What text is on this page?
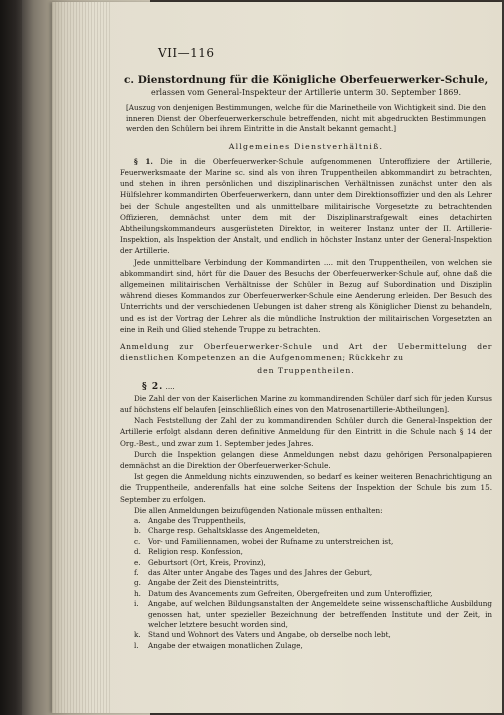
VII—116
c. Dienstordnung für die Königliche Oberfeuerwerker-Schule,
erlassen vom General-Inspekteur der Artillerie unterm 30. September 1869.
[Auszug von denjenigen Bestimmungen, welche für die Marinetheile von Wichtigkeit sind. Die den inneren Dienst der Oberfeuerwerkerschule betreffenden, nicht mit abgedruckten Bestimmungen werden den Schülern bei ihrem Eintritte in die Anstalt bekannt gemacht.]
Allgemeines Dienstverhältniß.

§ 1. Die in die Oberfeuerwerker-Schule aufgenommenen Unteroffiziere der Artillerie, Feuerwerksmaate der Marine sc. sind als von ihren Truppentheilen abkommandirt zu betrachten, und stehen in ihren persönlichen und disziplinarischen Verhältnissen zunächst unter den als Hülfslehrer kommandirten Oberfeuerwerkern, dann unter dem Direktionsoffizier und den als Lehrer bei der Schule angestellten und als unmittelbare militairische Vorgesetzte zu betrachtenden Offizieren, demnächst unter dem mit der Disziplinarstrafgewalt eines detachirten Abtheilungskommandeurs ausgerüsteten Direktor, in weiterer Instanz unter der II. Artillerie-Inspektion, als Inspektion der Anstalt, und endlich in höchster Instanz unter der General-Inspektion der Artillerie.

Jede unmittelbare Verbindung der Kommandirten .... mit den Truppentheilen, von welchen sie abkommandirt sind, hört für die Dauer des Besuchs der Oberfeuerwerker-Schule auf, ohne daß die allgemeinen militairischen Verhältnisse der Schüler in Bezug auf Subordination und Disziplin während dieses Kommandos zur Oberfeuerwerker-Schule eine Aenderung erleiden. Der Besuch des Unterrichts und der verschiedenen Uebungen ist daher streng als Königlicher Dienst zu behandeln, und es ist der Vortrag der Lehrer als die mündliche Instruktion der militairischen Vorgesetzten an eine in Reih und Glied stehende Truppe zu betrachten.

Anmeldung zur Oberfeuerwerker-Schule und Art der Uebermittelung der dienstlichen Kompetenzen an die Aufgenommenen; Rückkehr zu
den Truppentheilen.
§ 2. ....

Die Zahl der von der Kaiserlichen Marine zu kommandirenden Schüler darf sich für jeden Kursus auf höchstens elf belaufen [einschließlich eines von den Matrosenartillerie-Abtheilungen].

Nach Feststellung der Zahl der zu kommandirenden Schüler durch die General-Inspektion der Artillerie erfolgt alsdann deren definitive Anmeldung für den Eintritt in die Schule nach § 14 der Org.-Best., und zwar zum 1. September jedes Jahres.

Durch die Inspektion gelangen diese Anmeldungen nebst dazu gehörigen Personalpapieren demnächst an die Direktion der Oberfeuerwerker-Schule.

Ist gegen die Anmeldung nichts einzuwenden, so bedarf es keiner weiteren Benachrichtigung an die Truppentheile, anderenfalls hat eine solche Seitens der Inspektion der Schule bis zum 15. September zu erfolgen.

Die allen Anmeldungen beizufügenden Nationale müssen enthalten:

a.	Angabe des Truppentheils,
b. Charge resp. Gehaltsklasse des Angemeldeten,
c.	Vor- und Familiennamen, wobei der Rufname zu unterstreichen ist,
d. Religion resp. Konfession,
e.	Geburtsort (Ort, Kreis, Provinz),
f.	das Alter unter Angabe des Tages und des Jahres der Geburt,
g. Angabe der Zeit des Diensteintritts,
h. Datum des Avancements zum Gefreiten, Obergefreiten und zum Unteroffizier,
i.	Angabe, auf welchen Bildungsanstalten der Angemeldete seine wissenschaftliche Ausbildung genossen hat, unter spezieller Bezeichnung der betreffenden Institute und der Zeit, in welcher letztere besucht worden sind,
k.	Stand und Wohnort des Vaters und Angabe, ob derselbe noch lebt,
l.	Angabe der etwaigen monatlichen Zulage,
